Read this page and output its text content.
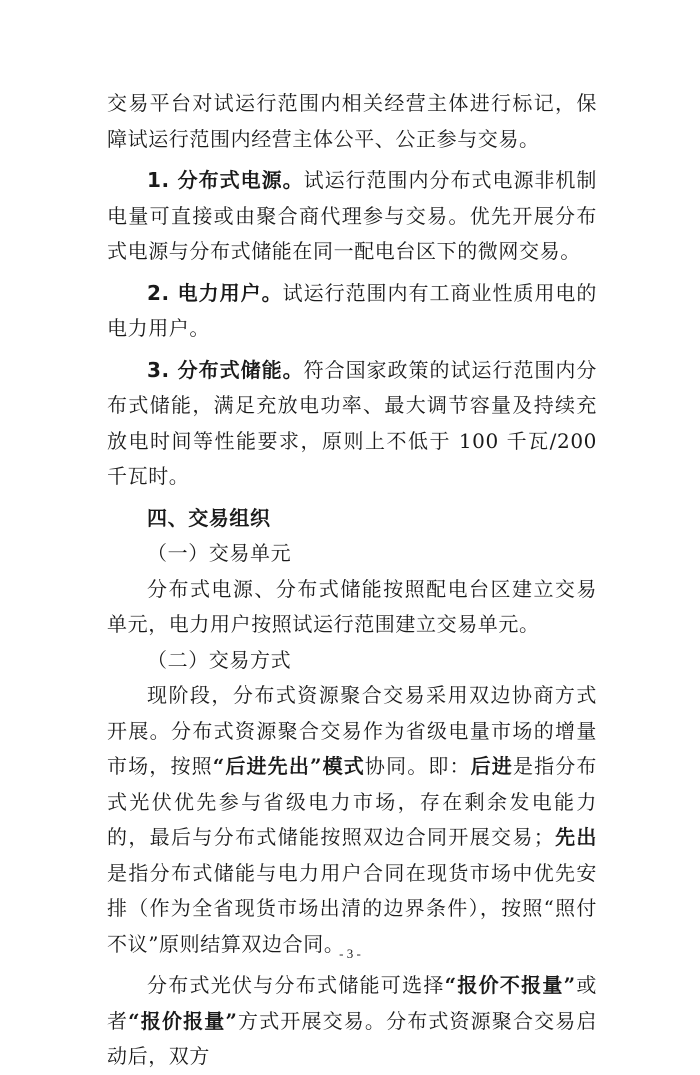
交易平台对试运行范围内相关经营主体进行标记，保障试运行范围内经营主体公平、公正参与交易。

1. 分布式电源。试运行范围内分布式电源非机制电量可直接或由聚合商代理参与交易。优先开展分布式电源与分布式储能在同一配电台区下的微网交易。

2. 电力用户。试运行范围内有工商业性质用电的电力用户。

3. 分布式储能。符合国家政策的试运行范围内分布式储能，满足充放电功率、最大调节容量及持续充放电时间等性能要求，原则上不低于 100 千瓦/200 千瓦时。

四、交易组织

（一）交易单元

分布式电源、分布式储能按照配电台区建立交易单元，电力用户按照试运行范围建立交易单元。

（二）交易方式

现阶段，分布式资源聚合交易采用双边协商方式开展。分布式资源聚合交易作为省级电量市场的增量市场，按照“后进先出”模式协同。即：后进是指分布式光伏优先参与省级电力市场，存在剩余发电能力的，最后与分布式储能按照双边合同开展交易；先出是指分布式储能与电力用户合同在现货市场中优先安排（作为全省现货市场出清的边界条件），按照“照付不议”原则结算双边合同。

分布式光伏与分布式储能可选择“报价不报量”或者“报价报量”方式开展交易。分布式资源聚合交易启动后，双方

- 3 -
